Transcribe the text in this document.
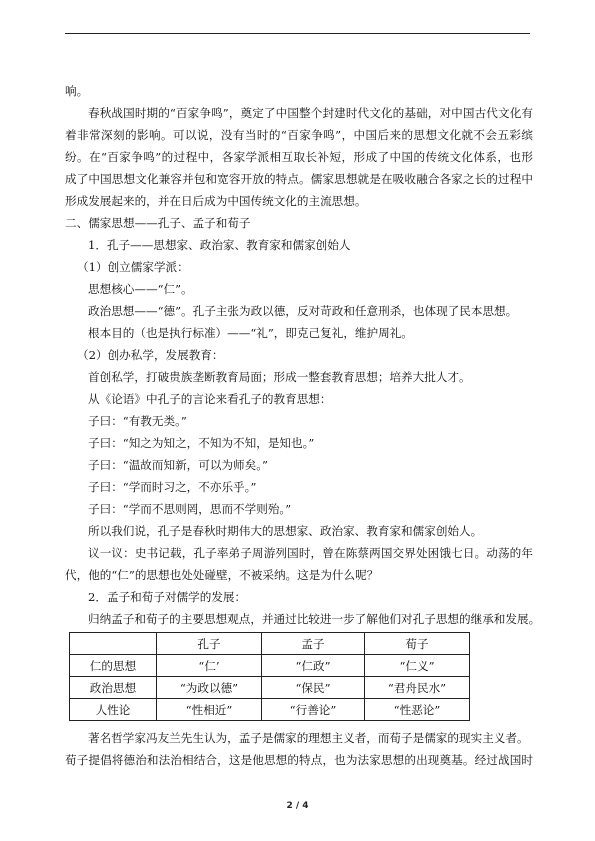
响。
春秋战国时期的“百家争鸣”，奠定了中国整个封建时代文化的基础，对中国古代文化有
着非常深刻的影响。可以说，没有当时的“百家争鸣”，中国后来的思想文化就不会五彩缤
纷。在“百家争鸣”的过程中，各家学派相互取长补短，形成了中国的传统文化体系，也形
成了中国思想文化兼容并包和宽容开放的特点。儒家思想就是在吸收融合各家之长的过程中
形成发展起来的，并在日后成为中国传统文化的主流思想。
二、儒家思想——孔子、孟子和荀子
1．孔子——思想家、政治家、教育家和儒家创始人
（1）创立儒家学派：
思想核心——“仁”。
政治思想——“德”。孔子主张为政以德，反对苛政和任意刑杀，也体现了民本思想。
根本目的（也是执行标准）——“礼”，即克己复礼，维护周礼。
（2）创办私学，发展教育：
首创私学，打破贵族垄断教育局面；形成一整套教育思想；培养大批人才。
从《论语》中孔子的言论来看孔子的教育思想：
子曰：“有教无类。”
子曰：“知之为知之，不知为不知，是知也。”
子曰：“温故而知新，可以为师矣。”
子曰：“学而时习之，不亦乐乎。”
子曰：“学而不思则罔，思而不学则殆。”
所以我们说，孔子是春秋时期伟大的思想家、政治家、教育家和儒家创始人。
议一议：史书记载，孔子率弟子周游列国时，曾在陈蔡两国交界处困饿七日。动荡的年
代，他的“仁”的思想也处处碰壁，不被采纳。这是为什么呢？
2．孟子和荀子对儒学的发展：
归纳孟子和荀子的主要思想观点，并通过比较进一步了解他们对孔子思想的继承和发展。
	孔子	孟子	荀子
仁的思想	“仁’	“仁政”	“仁义”
政治思想	“为政以德”	“保民”	“君舟民水”
人性论	“性相近”	“行善论”	“性恶论”
著名哲学家冯友兰先生认为，孟子是儒家的理想主义者，而荀子是儒家的现实主义者。
荀子提倡将德治和法治相结合，这是他思想的特点，也为法家思想的出现奠基。经过战国时
2 / 4
